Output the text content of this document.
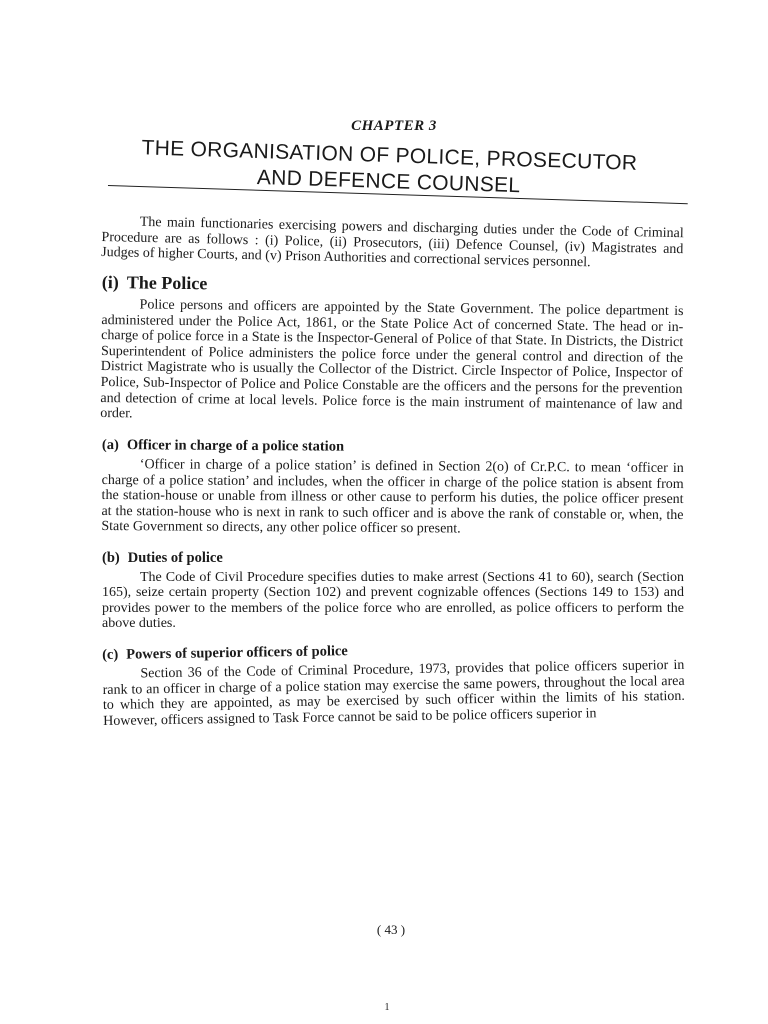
CHAPTER 3
THE ORGANISATION OF POLICE, PROSECUTOR
AND DEFENCE COUNSEL

The main functionaries exercising powers and discharging duties under the Code of Criminal Procedure are as follows : (i) Police, (ii) Prosecutors, (iii) Defence Counsel, (iv) Magistrates and Judges of higher Courts, and (v) Prison Authorities and correctional services personnel.

(i) The Police

Police persons and officers are appointed by the State Government. The police department is administered under the Police Act, 1861, or the State Police Act of concerned State. The head or in-charge of police force in a State is the Inspector-General of Police of that State. In Districts, the District Superintendent of Police administers the police force under the general control and direction of the District Magistrate who is usually the Collector of the District. Circle Inspector of Police, Inspector of Police, Sub-Inspector of Police and Police Constable are the officers and the persons for the prevention and detection of crime at local levels. Police force is the main instrument of maintenance of law and order.

(a) Officer in charge of a police station

‘Officer in charge of a police station’ is defined in Section 2(o) of Cr.P.C. to mean ‘officer in charge of a police station’ and includes, when the officer in charge of the police station is absent from the station-house or unable from illness or other cause to perform his duties, the police officer present at the station-house who is next in rank to such officer and is above the rank of constable or, when, the State Government so directs, any other police officer so present.

(b) Duties of police

The Code of Civil Procedure specifies duties to make arrest (Sections 41 to 60), search (Section 165), seize certain property (Section 102) and prevent cognizable offences (Sections 149 to 153) and provides power to the members of the police force who are enrolled, as police officers to perform the above duties.

(c) Powers of superior officers of police

Section 36 of the Code of Criminal Procedure, 1973, provides that police officers superior in rank to an officer in charge of a police station may exercise the same powers, throughout the local area to which they are appointed, as may be exercised by such officer within the limits of his station. However, officers assigned to Task Force cannot be said to be police officers superior in

( 43 )
1
